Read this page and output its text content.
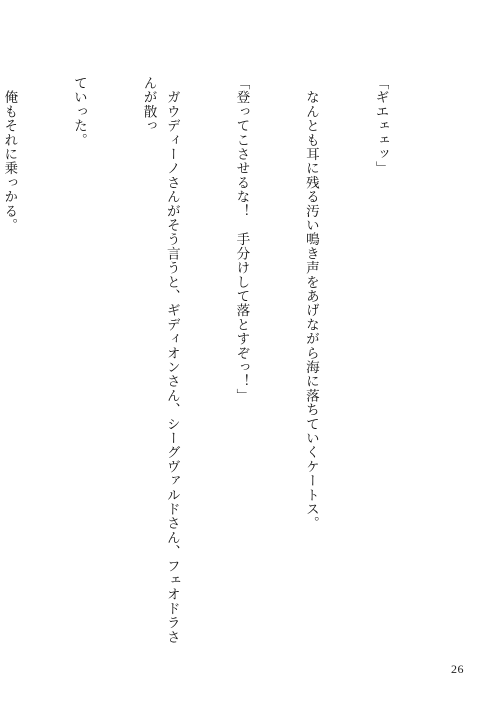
「ギエェェッ」

　なんとも耳に残る汚い鳴き声をあげながら海に落ちていくケートス。

「登ってこさせるな！　手分けして落とすぞっ！」

　ガウディーノさんがそう言うと、ギディオンさん、シーグヴァルドさん、フェオドラさんが散っ

ていった。

　俺もそれに乗っかる。

26
